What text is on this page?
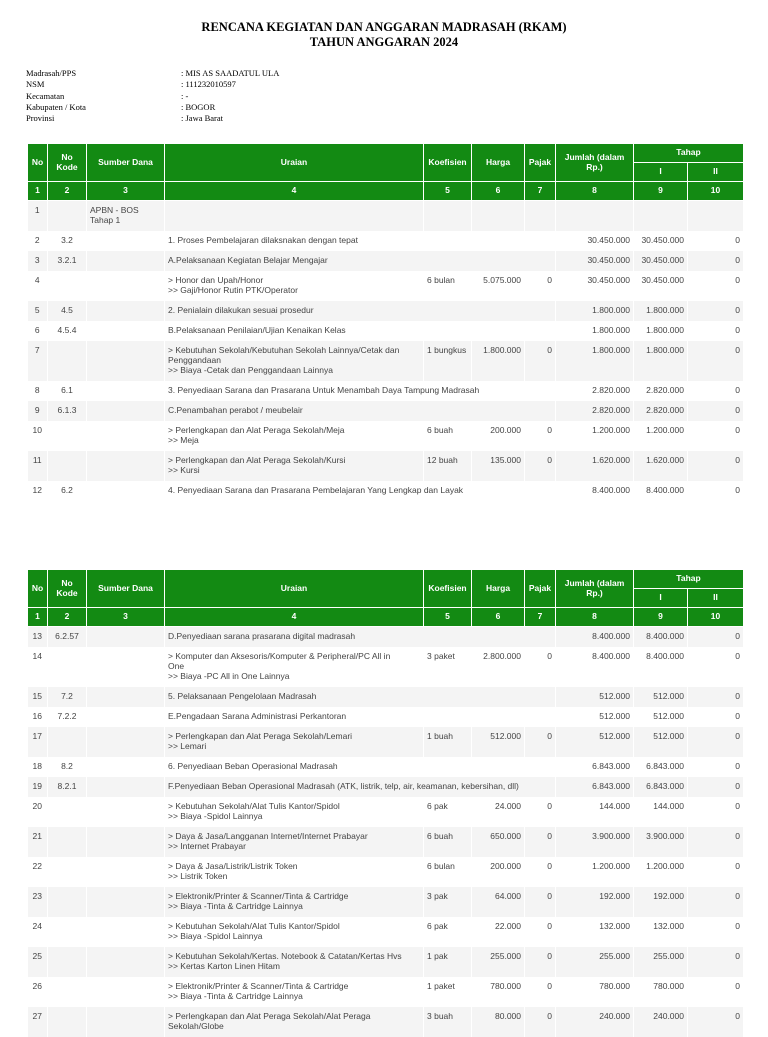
RENCANA KEGIATAN DAN ANGGARAN MADRASAH (RKAM)
TAHUN ANGGARAN 2024
Madrasah/PPS	: MIS AS SAADATUL ULA
NSM	: 111232010597
Kecamatan	: -
Kabupaten / Kota	: BOGOR
Provinsi	: Jawa Barat
No	No Kode	Sumber Dana	Uraian	Koefisien	Harga	Pajak	Jumlah (dalam Rp.)	Tahap	
								I	II
1	2	3	4	5	6	7	8	9	10
1		APBN - BOS
Tahap 1							

2	3.2		1. Proses Pembelajaran dilaksnakan dengan tepat				30.450.000	30.450.000	0
3	3.2.1		A.Pelaksanaan Kegiatan Belajar Mengajar				30.450.000	30.450.000	0
4			> Honor dan Upah/Honor
>> Gaji/Honor Rutin PTK/Operator	6 bulan	5.075.000	0	30.450.000	30.450.000	0
5	4.5		2. Penialain dilakukan sesuai prosedur				1.800.000	1.800.000	0
6	4.5.4		B.Pelaksanaan Penilaian/Ujian Kenaikan Kelas				1.800.000	1.800.000	0
7			> Kebutuhan Sekolah/Kebutuhan Sekolah Lainnya/Cetak dan
Penggandaan
>> Biaya -Cetak dan Penggandaan Lainnya	1 bungkus	1.800.000	0	1.800.000	1.800.000	0
8	6.1		3. Penyediaan Sarana dan Prasarana Untuk Menambah Daya Tampung Madrasah				2.820.000	2.820.000	0
9	6.1.3		C.Penambahan perabot / meubelair				2.820.000	2.820.000	0
10			> Perlengkapan dan Alat Peraga Sekolah/Meja
>> Meja	6 buah	200.000	0	1.200.000	1.200.000	0
11			> Perlengkapan dan Alat Peraga Sekolah/Kursi
>> Kursi	12 buah	135.000	0	1.620.000	1.620.000	0
12	6.2		4. Penyediaan Sarana dan Prasarana Pembelajaran Yang Lengkap dan Layak				8.400.000	8.400.000	0
No	No Kode	Sumber Dana	Uraian	Koefisien	Harga	Pajak	Jumlah (dalam Rp.)	Tahap	
								I	II
1	2	3	4	5	6	7	8	9	10
13	6.2.57		D.Penyediaan sarana prasarana digital madrasah				8.400.000	8.400.000	0
14			> Komputer dan Aksesoris/Komputer & Peripheral/PC All in
One
>> Biaya -PC All in One Lainnya	3 paket	2.800.000	0	8.400.000	8.400.000	0
15	7.2		5. Pelaksanaan Pengelolaan Madrasah				512.000	512.000	0
16	7.2.2		E.Pengadaan Sarana Administrasi Perkantoran				512.000	512.000	0
17			> Perlengkapan dan Alat Peraga Sekolah/Lemari
>> Lemari	1 buah	512.000	0	512.000	512.000	0
18	8.2		6. Penyediaan Beban Operasional Madrasah				6.843.000	6.843.000	0
19	8.2.1		F.Penyediaan Beban Operasional Madrasah (ATK, listrik, telp, air, keamanan, kebersihan, dll)				6.843.000	6.843.000	0
20			> Kebutuhan Sekolah/Alat Tulis Kantor/Spidol
>> Biaya -Spidol Lainnya	6 pak	24.000	0	144.000	144.000	0
21			> Daya & Jasa/Langganan Internet/Internet Prabayar
>> Internet Prabayar	6 buah	650.000	0	3.900.000	3.900.000	0
22			> Daya & Jasa/Listrik/Listrik Token
>> Listrik Token	6 bulan	200.000	0	1.200.000	1.200.000	0
23			> Elektronik/Printer & Scanner/Tinta & Cartridge
>> Biaya -Tinta & Cartridge Lainnya	3 pak	64.000	0	192.000	192.000	0
24			> Kebutuhan Sekolah/Alat Tulis Kantor/Spidol
>> Biaya -Spidol Lainnya	6 pak	22.000	0	132.000	132.000	0
25			> Kebutuhan Sekolah/Kertas. Notebook & Catatan/Kertas Hvs
>> Kertas Karton Linen Hitam	1 pak	255.000	0	255.000	255.000	0
26			> Elektronik/Printer & Scanner/Tinta & Cartridge
>> Biaya -Tinta & Cartridge Lainnya	1 paket	780.000	0	780.000	780.000	0
27			> Perlengkapan dan Alat Peraga Sekolah/Alat Peraga
Sekolah/Globe	3 buah	80.000	0	240.000	240.000	0
